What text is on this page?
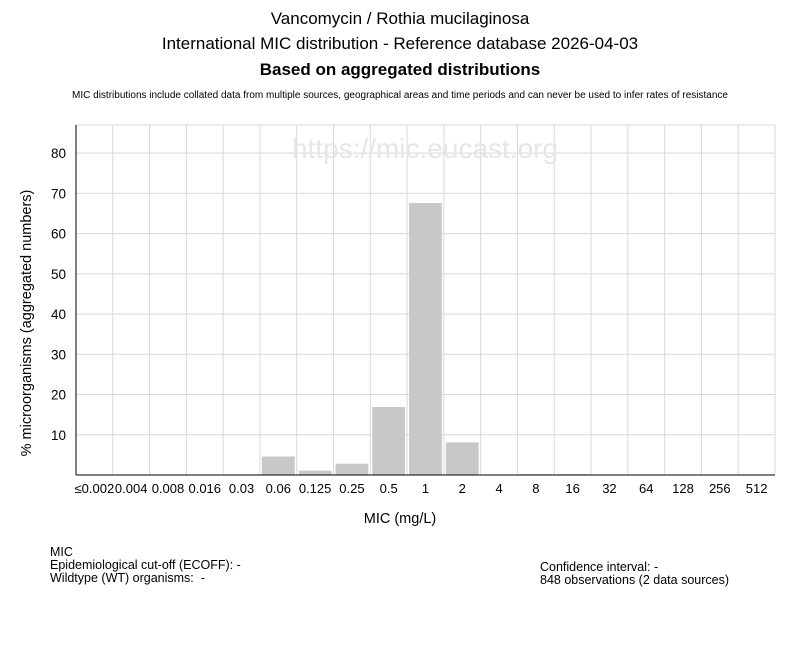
Vancomycin / Rothia mucilaginosa
International MIC distribution - Reference database 2026-04-03
Based on aggregated distributions
MIC distributions include collated data from multiple sources, geographical areas and time periods and can never be used to infer rates of resistance
https://mic.eucast.org
10
20
30
40
50
60
70
80
≤0.002 0.004 0.008 0.016 0.03 0.06 0.125 0.25 0.5 1 2 4 8 16 32 64 128 256 512
% microorganisms (aggregated numbers)
MIC (mg/L)
MIC
Epidemiological cut-off (ECOFF): -
Wildtype (WT) organisms:  -
Confidence interval: -
848 observations (2 data sources)
